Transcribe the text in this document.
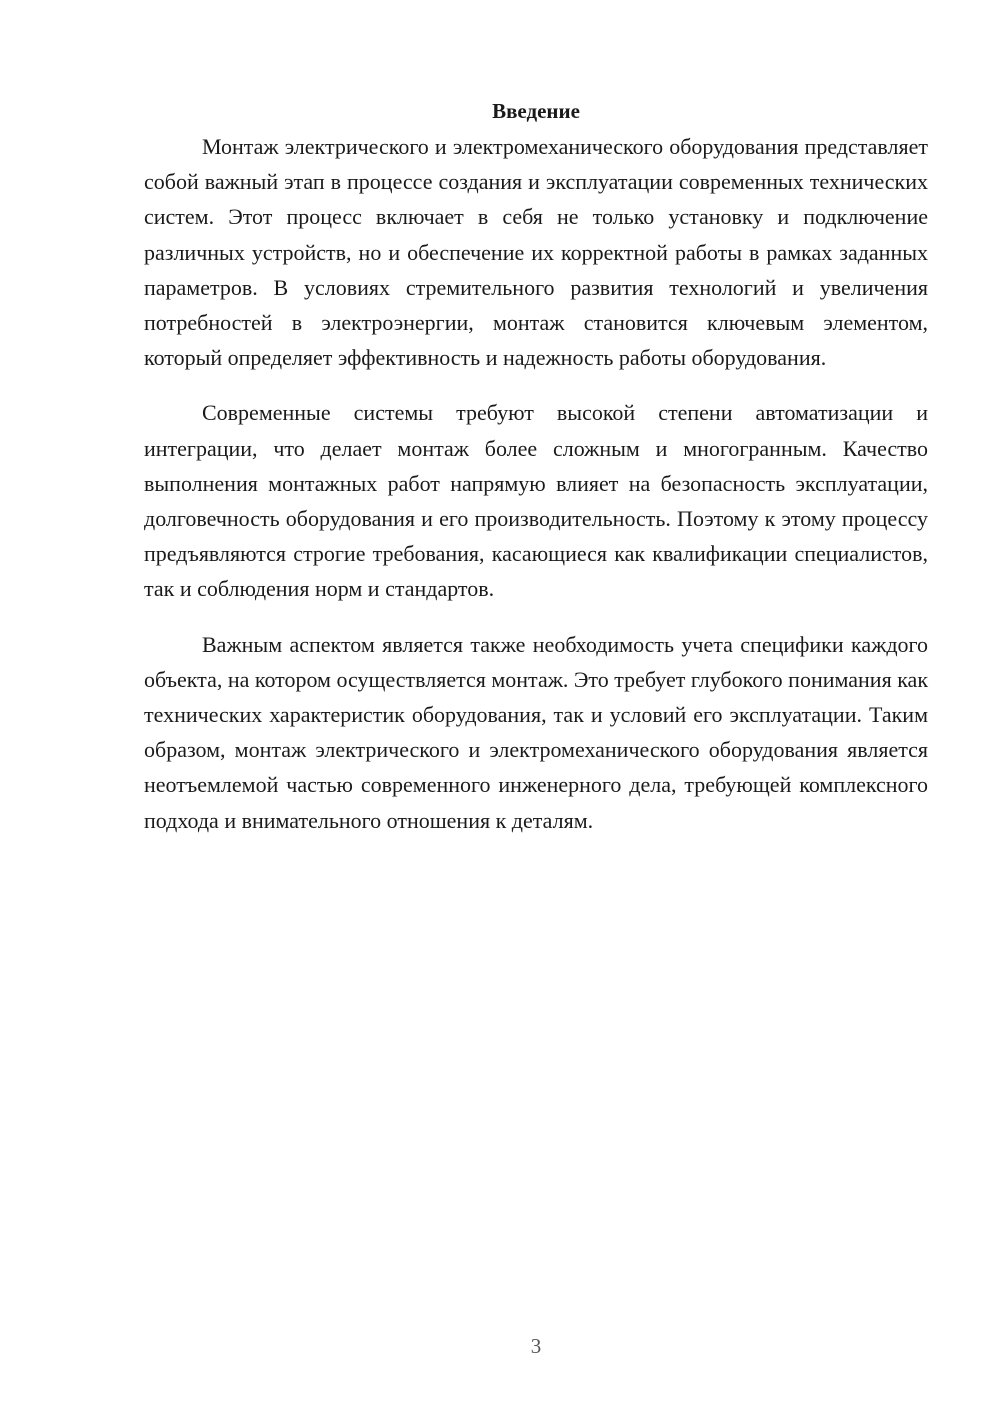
Введение

Монтаж электрического и электромеханического оборудования представляет собой важный этап в процессе создания и эксплуатации современных технических систем. Этот процесс включает в себя не только установку и подключение различных устройств, но и обеспечение их корректной работы в рамках заданных параметров. В условиях стремительного развития технологий и увеличения потребностей в электроэнергии, монтаж становится ключевым элементом, который определяет эффективность и надежность работы оборудования.

Современные системы требуют высокой степени автоматизации и интеграции, что делает монтаж более сложным и многогранным. Качество выполнения монтажных работ напрямую влияет на безопасность эксплуатации, долговечность оборудования и его производительность. Поэтому к этому процессу предъявляются строгие требования, касающиеся как квалификации специалистов, так и соблюдения норм и стандартов.

Важным аспектом является также необходимость учета специфики каждого объекта, на котором осуществляется монтаж. Это требует глубокого понимания как технических характеристик оборудования, так и условий его эксплуатации. Таким образом, монтаж электрического и электромеханического оборудования является неотъемлемой частью современного инженерного дела, требующей комплексного подхода и внимательного отношения к деталям.

3
